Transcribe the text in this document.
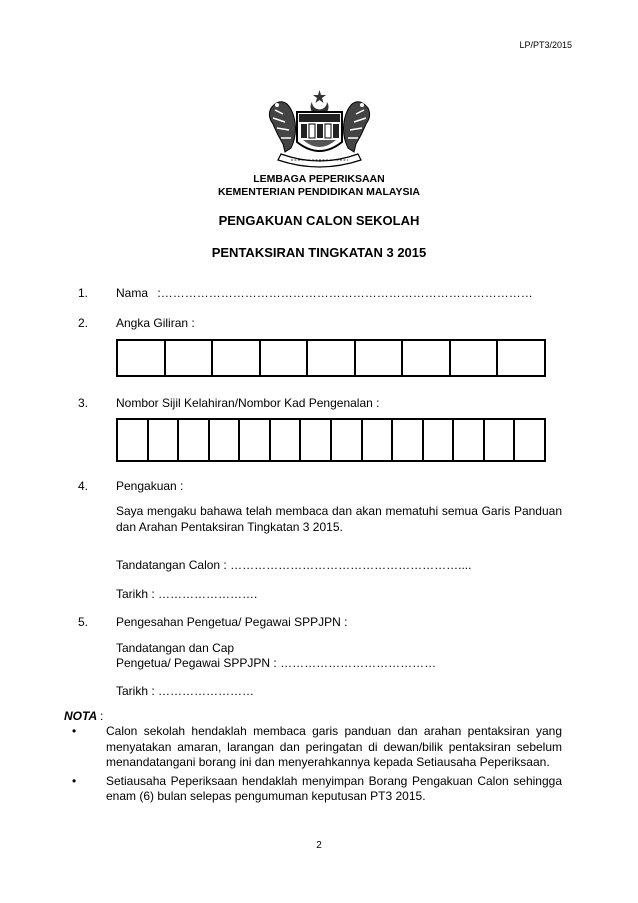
LP/PT3/2015
LEMBAGA PEPERIKSAAN
KEMENTERIAN PENDIDIKAN MALAYSIA
PENGAKUAN CALON SEKOLAH
PENTAKSIRAN TINGKATAN 3 2015
1. Nama :…………………………………………………………………………………
2. Angka Giliran :

3. Nombor Sijil Kelahiran/Nombor Kad Pengenalan :

4. Pengakuan :
Saya mengaku bahawa telah membaca dan akan mematuhi semua Garis Panduan dan Arahan Pentaksiran Tingkatan 3 2015.
Tandatangan Calon : …………………………………………………....
Tarikh : …………………….
5. Pengesahan Pengetua/ Pegawai SPPJPN :
Tandatangan dan Cap
Pengetua/ Pegawai SPPJPN : …………………………………
Tarikh : ……………………
NOTA :
•	Calon sekolah hendaklah membaca garis panduan dan arahan pentaksiran yang menyatakan amaran, larangan dan peringatan di dewan/bilik pentaksiran sebelum menandatangani borang ini dan menyerahkannya kepada Setiausaha Peperiksaan.
•	Setiausaha Peperiksaan hendaklah menyimpan Borang Pengakuan Calon sehingga enam (6) bulan selepas pengumuman keputusan PT3 2015.
2
